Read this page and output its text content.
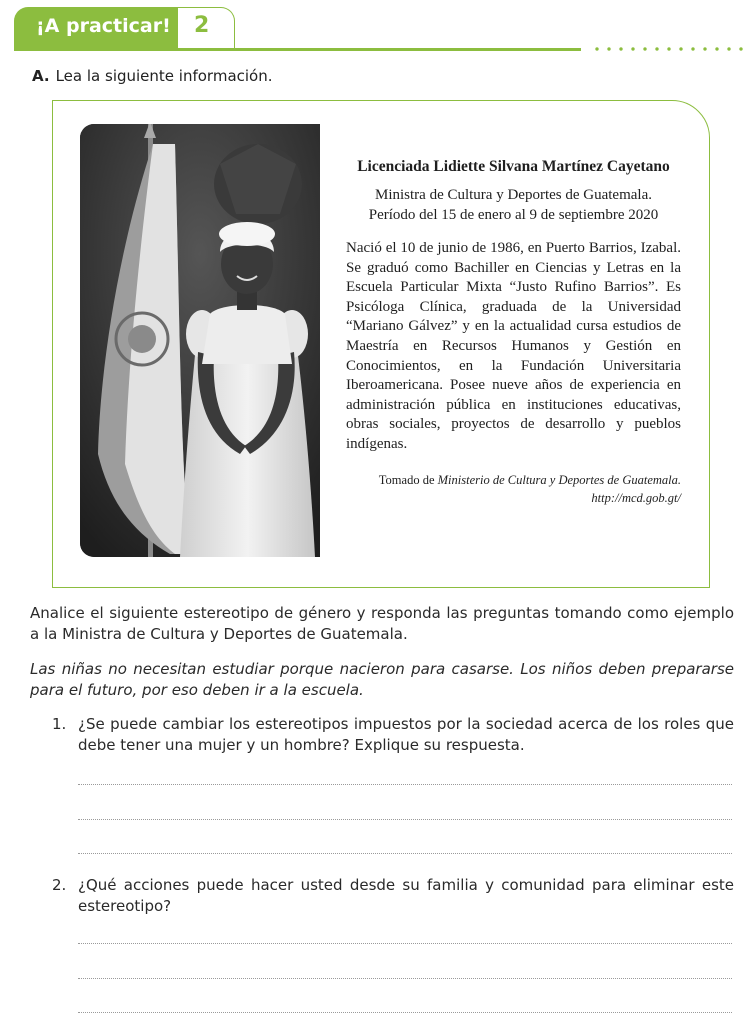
¡A practicar! 2
A. Lea la siguiente información.
Licenciada Lidiette Silvana Martínez Cayetano
Ministra de Cultura y Deportes de Guatemala.
Período del 15 de enero al 9 de septiembre 2020
Nació el 10 de junio de 1986, en Puerto Barrios, Izabal. Se graduó como Bachiller en Ciencias y Letras en la Escuela Particular Mixta “Justo Rufino Barrios”. Es Psicóloga Clínica, graduada de la Universidad “Mariano Gálvez” y en la actualidad cursa estudios de Maestría en Recursos Humanos y Gestión en Conocimientos, en la Fundación Universitaria Iberoamericana. Posee nueve años de experiencia en administración pública en instituciones educativas, obras sociales, proyectos de desarrollo y pueblos indígenas.
Tomado de Ministerio de Cultura y Deportes de Guatemala.
http://mcd.gob.gt/
Analice el siguiente estereotipo de género y responda las preguntas tomando como ejemplo a la Ministra de Cultura y Deportes de Guatemala.
Las niñas no necesitan estudiar porque nacieron para casarse. Los niños deben prepararse para el futuro, por eso deben ir a la escuela.
1. ¿Se puede cambiar los estereotipos impuestos por la sociedad acerca de los roles que debe tener una mujer y un hombre? Explique su respuesta.
2. ¿Qué acciones puede hacer usted desde su familia y comunidad para eliminar este estereotipo?
